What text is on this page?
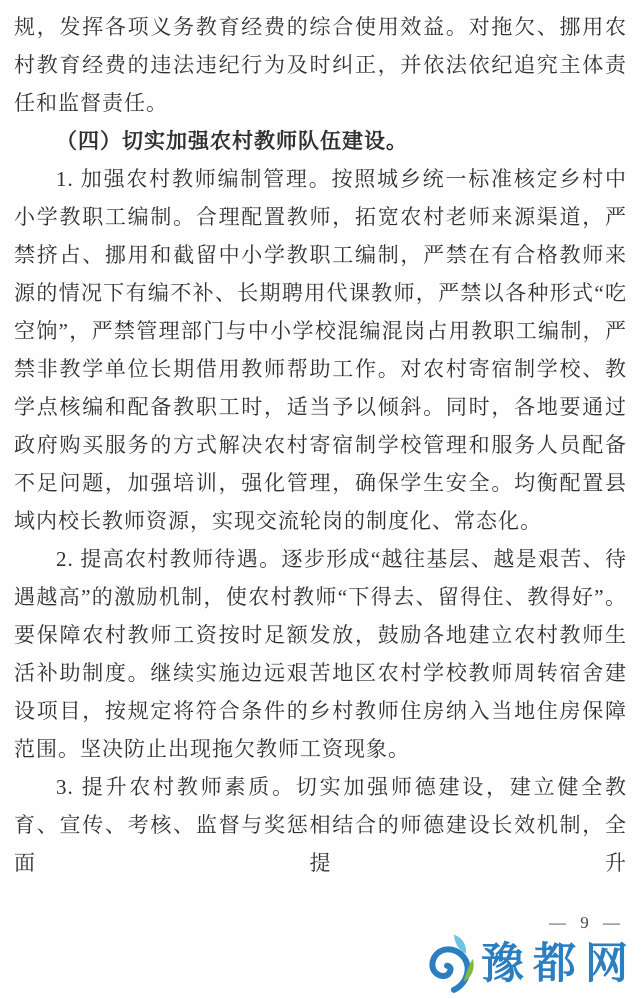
规，发挥各项义务教育经费的综合使用效益。对拖欠、挪用农村教育经费的违法违纪行为及时纠正，并依法依纪追究主体责任和监督责任。

（四）切实加强农村教师队伍建设。

1. 加强农村教师编制管理。按照城乡统一标准核定乡村中小学教职工编制。合理配置教师，拓宽农村老师来源渠道，严禁挤占、挪用和截留中小学教职工编制，严禁在有合格教师来源的情况下有编不补、长期聘用代课教师，严禁以各种形式“吃空饷”，严禁管理部门与中小学校混编混岗占用教职工编制，严禁非教学单位长期借用教师帮助工作。对农村寄宿制学校、教学点核编和配备教职工时，适当予以倾斜。同时，各地要通过政府购买服务的方式解决农村寄宿制学校管理和服务人员配备不足问题，加强培训，强化管理，确保学生安全。均衡配置县域内校长教师资源，实现交流轮岗的制度化、常态化。

2. 提高农村教师待遇。逐步形成“越往基层、越是艰苦、待遇越高”的激励机制，使农村教师“下得去、留得住、教得好”。要保障农村教师工资按时足额发放，鼓励各地建立农村教师生活补助制度。继续实施边远艰苦地区农村学校教师周转宿舍建设项目，按规定将符合条件的乡村教师住房纳入当地住房保障范围。坚决防止出现拖欠教师工资现象。

3. 提升农村教师素质。切实加强师德建设，建立健全教育、宣传、考核、监督与奖惩相结合的师德建设长效机制，全面提升

— 9 —
豫都网
